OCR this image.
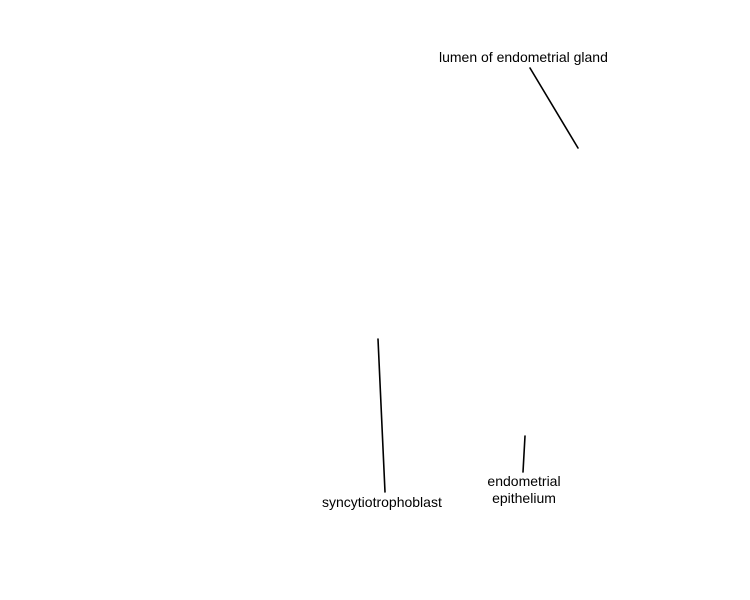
lumen of endometrial gland
syncytiotrophoblast
endometrial
epithelium
